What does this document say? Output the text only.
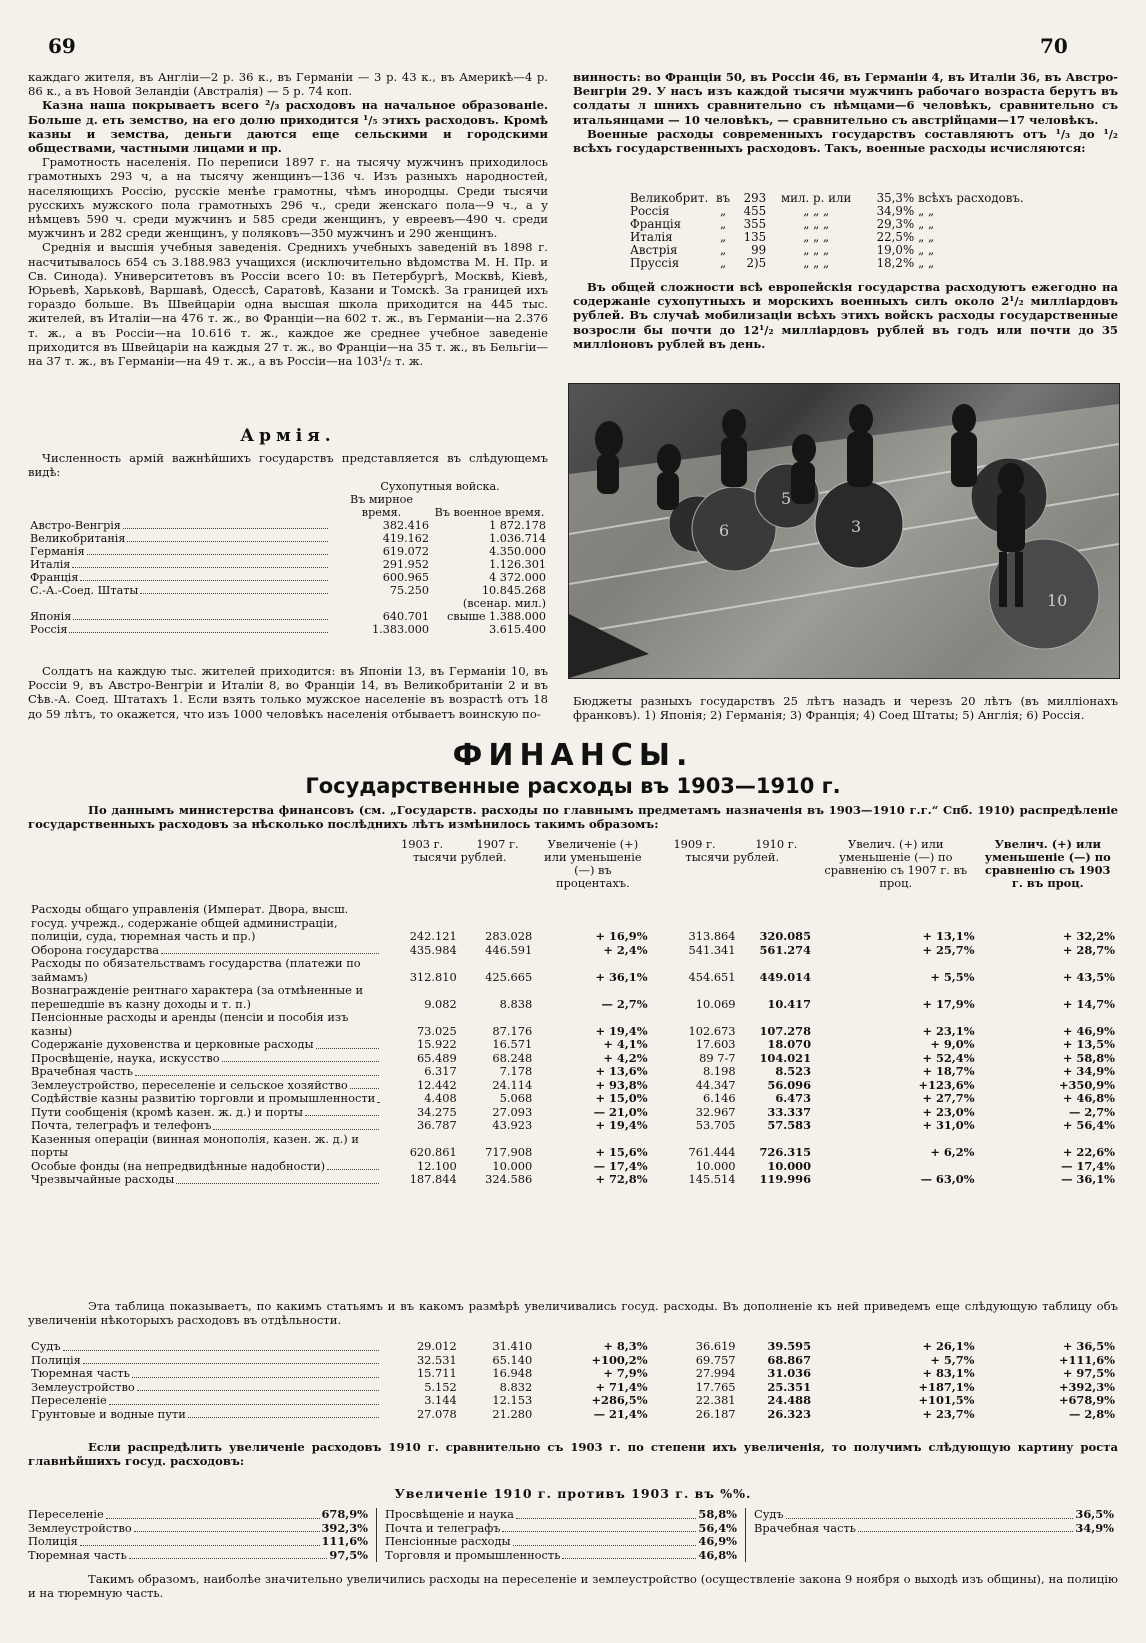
69	70

каждаго жителя, въ Англіи—2 р. 36 к., въ Германіи — 3 р. 43 к., въ Америкѣ—4 р. 86 к., а въ Новой Зеландіи (Австралія) — 5 р. 74 коп.

Казна наша покрываетъ всего ²/₃ расходовъ на начальное образованіе. Больше д. еть земство, на его долю приходится ¹/₅ этихъ расходовъ. Кромѣ казны и земства, деньги даются еще сельскими и городскими обществами, частными лицами и пр.

Грамотность населенія. По переписи 1897 г. на тысячу мужчинъ приходилось грамотныхъ 293 ч, а на тысячу женщинъ—136 ч. Изъ разныхъ народностей, населяющихъ Россію, русскіе менѣе грамотны, чѣмъ инородцы. Среди тысячи русскихъ мужского пола грамотныхъ 296 ч., среди женскаго пола—9 ч., а у нѣмцевъ 590 ч. среди мужчинъ и 585 среди женщинъ, у евреевъ—490 ч. среди мужчинъ и 282 среди женщинъ, у поляковъ—350 мужчинъ и 290 женщинъ.

Среднія и высшія учебныя заведенія. Среднихъ учебныхъ заведеній въ 1898 г. насчитывалось 654 съ 3.188.983 учащихся (исключительно вѣдомства М. Н. Пр. и Св. Синода). Университетовъ въ Россіи всего 10: въ Петербургѣ, Москвѣ, Кіевѣ, Юрьевѣ, Харьковѣ, Варшавѣ, Одессѣ, Саратовѣ, Казани и Томскѣ. За границей ихъ гораздо больше. Въ Швейцаріи одна высшая школа приходится на 445 тыс. жителей, въ Италіи—на 476 т. ж., во Франціи—на 602 т. ж., въ Германіи—на 2.376 т. ж., а въ Россіи—на 10.616 т. ж., каждое же среднее учебное заведеніе приходится въ Швейцаріи на каждыя 27 т. ж., во Франціи—на 35 т. ж., въ Бельгіи—на 37 т. ж., въ Германіи—на 49 т. ж., а въ Россіи—на 103¹/₂ т. ж.

Армія.

Численность армій важнѣйшихъ государствъ представляется въ слѣдующемъ видѣ:

	Сухопутныя войска.	
	Въ мирное время.	Въ военное время.

Австро-Венгрія	382.416	1 872.178

Великобританія	419.162	1.036.714

Германія	619.072	4.350.000

Италія	291.952	1.126.301

Франція	600.965	4 372.000

С.-А.-Соед. Штаты	75.250	10.845.268

		(всенар. мил.)

Японія	640.701	свыше 1.388.000

Россія	1.383.000	3.615.400

Солдатъ на каждую тыс. жителей приходится: въ Японіи 13, въ Германіи 10, въ Россіи 9, въ Австро-Венгріи и Италіи 8, во Франціи 14, въ Великобританіи 2 и въ Сѣв.-А. Соед. Штатахъ 1. Если взять только мужское населеніе въ возрастѣ отъ 18 до 59 лѣтъ, то окажется, что изъ 1000 человѣкъ населенія отбываетъ воинскую по-

винность: во Франціи 50, въ Россіи 46, въ Германіи 4, въ Италіи 36, въ Австро-Венгріи 29. У насъ изъ каждой тысячи мужчинъ рабочаго возраста берутъ въ солдаты л шнихъ сравнительно съ нѣмцами—6 человѣкъ, сравнительно съ итальянцами — 10 человѣкъ, — сравнительно съ австрійцами—17 человѣкъ.

Военные расходы современныхъ государствъ составляютъ отъ ¹/₃ до ¹/₂ всѣхъ государственныхъ расходовъ. Такъ, военные расходы исчисляются:

Великобрит.	въ	293	мил. р. или	35,3%	всѣхъ расходовъ.
Россія	„	455	„ „ „	34,9%	„ „
Франція	„	355	„ „ „	29,3%	„ „
Италія	„	135	„ „ „	22,5%	„ „
Австрія	„	99	„ „ „	19,0%	„ „
Пруссія	„	2)5	„ „ „	18,2%	„ „

Въ общей сложности всѣ европейскія государства расходуютъ ежегодно на содержаніе сухопутныхъ и морскихъ военныхъ силъ около 2¹/₂ милліардовъ рублей. Въ случаѣ мобилизаціи всѣхъ этихъ войскъ расходы государственные возросли бы почти до 12¹/₂ милліардовъ рублей въ годъ или почти до 35 милліоновъ рублей въ день.

6
5
3
10

Бюджеты разныхъ государствъ 25 лѣтъ назадъ и черезъ 20 лѣтъ (въ милліонахъ франковъ). 1) Японія; 2) Германія; 3) Франція; 4) Соед Штаты; 5) Англія; 6) Россія.

ФИНАНСЫ.
Государственные расходы въ 1903—1910 г.

По даннымъ министерства финансовъ (см. „Государств. расходы по главнымъ предметамъ назначенія въ 1903—1910 г.г.“ Спб. 1910) распредѣленіе государственныхъ расходовъ за нѣсколько послѣднихъ лѣтъ измѣнилось такимъ образомъ:

	1903 г.	1907 г.	Увеличеніе (+) или уменьшеніе (—) въ процентахъ.	1909 г.	1910 г.	Увелич. (+) или уменьшеніе (—) по сравненію съ 1907 г. въ проц.	Увелич. (+) или уменьшеніе (—) по сравненію съ 1903 г. въ проц.
	тысячи рублей.			тысячи рублей.			

Расходы общаго управленія (Императ. Двора, высш. госуд. учрежд., содержаніе общей администраціи, полиціи, суда, тюремная часть и пр.)	242.121	283.028	+ 16,9%	313.864	320.085	+ 13,1%	+ 32,2%

Оборона государства	435.984	446.591	+ 2,4%	541.341	561.274	+ 25,7%	+ 28,7%

Расходы по обязательствамъ государства (платежи по займамъ)	312.810	425.665	+ 36,1%	454.651	449.014	+ 5,5%	+ 43,5%

Вознагражденіе рентнаго характера (за отмѣненные и перешедшіе въ казну доходы и т. п.)	9.082	8.838	— 2,7%	10.069	10.417	+ 17,9%	+ 14,7%

Пенсіонные расходы и аренды (пенсіи и пособія изъ казны)	73.025	87.176	+ 19,4%	102.673	107.278	+ 23,1%	+ 46,9%

Содержаніе духовенства и церковные расходы	15.922	16.571	+ 4,1%	17.603	18.070	+ 9,0%	+ 13,5%

Просвѣщеніе, наука, искусство	65.489	68.248	+ 4,2%	89 7-7	104.021	+ 52,4%	+ 58,8%

Врачебная часть	6.317	7.178	+ 13,6%	8.198	8.523	+ 18,7%	+ 34,9%

Землеустройство, переселеніе и сельское хозяйство	12.442	24.114	+ 93,8%	44.347	56.096	+123,6%	+350,9%

Содѣйствіе казны развитію торговли и промышленности	4.408	5.068	+ 15,0%	6.146	6.473	+ 27,7%	+ 46,8%

Пути сообщенія (кромѣ казен. ж. д.) и порты	34.275	27.093	— 21,0%	32.967	33.337	+ 23,0%	— 2,7%

Почта, телеграфъ и телефонъ	36.787	43.923	+ 19,4%	53.705	57.583	+ 31,0%	+ 56,4%

Казенныя операціи (винная монополія, казен. ж. д.) и порты	620.861	717.908	+ 15,6%	761.444	726.315	+ 6,2%	+ 22,6%

Особые фонды (на непредвидѣнные надобности)	12.100	10.000	— 17,4%	10.000	10.000		— 17,4%

Чрезвычайные расходы	187.844	324.586	+ 72,8%	145.514	119.996	— 63,0%	— 36,1%

Эта таблица показываетъ, по какимъ статьямъ и въ какомъ размѣрѣ увеличивались госуд. расходы. Въ дополненіе къ ней приведемъ еще слѣдующую таблицу объ увеличеніи нѣкоторыхъ расходовъ въ отдѣльности.

Судъ	29.012	31.410	+ 8,3%	36.619	39.595	+ 26,1%	+ 36,5%

Полиція	32.531	65.140	+100,2%	69.757	68.867	+ 5,7%	+111,6%

Тюремная часть	15.711	16.948	+ 7,9%	27.994	31.036	+ 83,1%	+ 97,5%

Землеустройство	5.152	8.832	+ 71,4%	17.765	25.351	+187,1%	+392,3%

Переселеніе	3.144	12.153	+286,5%	22.381	24.488	+101,5%	+678,9%

Грунтовые и водные пути	27.078	21.280	— 21,4%	26.187	26.323	+ 23,7%	— 2,8%

Если распредѣлить увеличеніе расходовъ 1910 г. сравнительно съ 1903 г. по степени ихъ увеличенія, то получимъ слѣдующую картину роста главнѣйшихъ госуд. расходовъ:

Увеличеніе 1910 г. противъ 1903 г. въ %%.
Переселеніе	678,9%
Землеустройство	392,3%
Полиція	111,6%
Тюремная часть	97,5%
Просвѣщеніе и наука	58,8%
Почта и телеграфъ	56,4%
Пенсіонные расходы	46,9%
Торговля и промышленность	46,8%
Судъ	36,5%
Врачебная часть	34,9%

Такимъ образомъ, наиболѣе значительно увеличились расходы на переселеніе и землеустройство (осуществленіе закона 9 ноября о выходѣ изъ общины), на полицію и на тюремную часть.
